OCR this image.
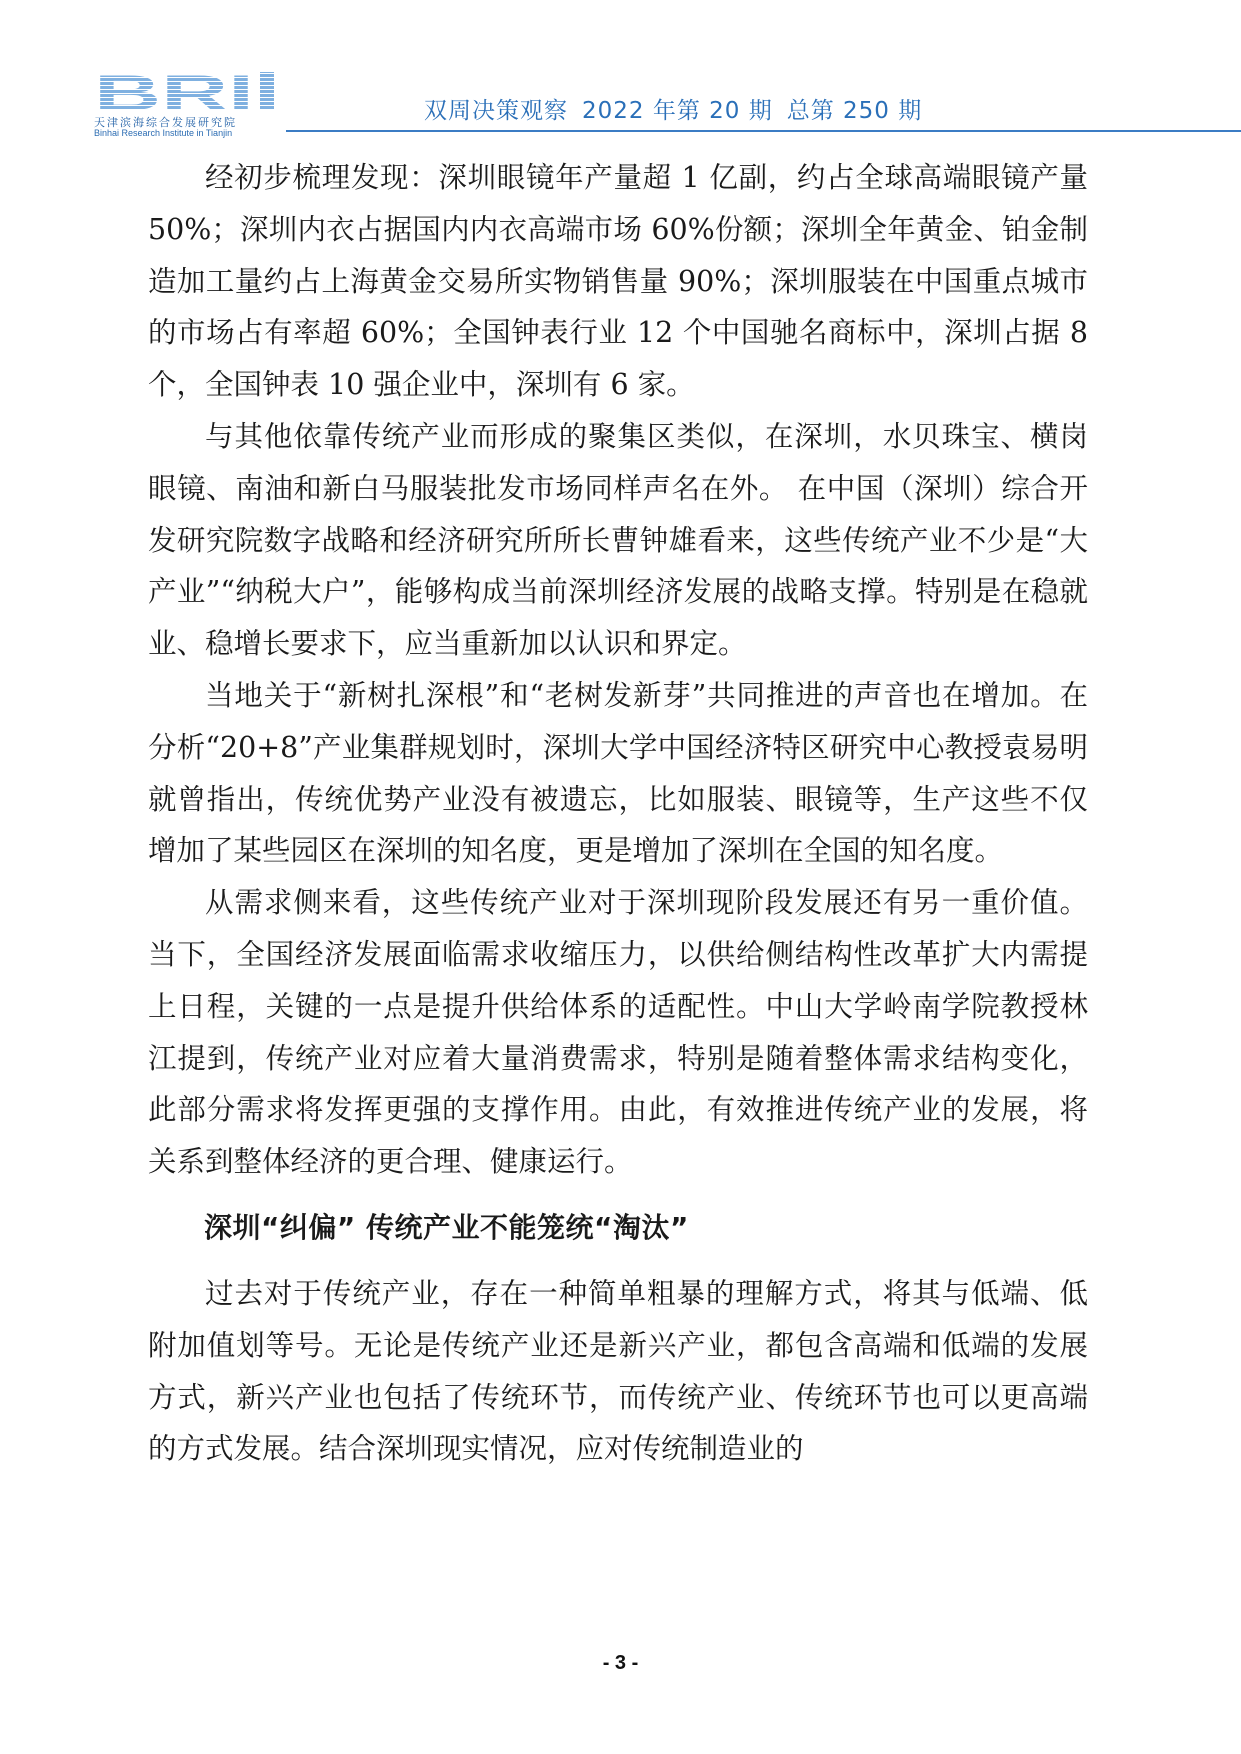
BRI
天津滨海综合发展研究院
Binhai Research Institute in Tianjin
双周决策观察 2022 年第 20 期 总第 250 期

经初步梳理发现：深圳眼镜年产量超 1 亿副，约占全球高端眼镜产量 50%；深圳内衣占据国内内衣高端市场 60%份额；深圳全年黄金、铂金制造加工量约占上海黄金交易所实物销售量 90%；深圳服装在中国重点城市的市场占有率超 60%；全国钟表行业 12 个中国驰名商标中，深圳占据 8 个，全国钟表 10 强企业中，深圳有 6 家。

与其他依靠传统产业而形成的聚集区类似，在深圳，水贝珠宝、横岗眼镜、南油和新白马服装批发市场同样声名在外。 在中国（深圳）综合开发研究院数字战略和经济研究所所长曹钟雄看来，这些传统产业不少是“大产业”“纳税大户”，能够构成当前深圳经济发展的战略支撑。特别是在稳就业、稳增长要求下，应当重新加以认识和界定。

当地关于“新树扎深根”和“老树发新芽”共同推进的声音也在增加。在分析“20+8”产业集群规划时，深圳大学中国经济特区研究中心教授袁易明就曾指出，传统优势产业没有被遗忘，比如服装、眼镜等，生产这些不仅增加了某些园区在深圳的知名度，更是增加了深圳在全国的知名度。

从需求侧来看，这些传统产业对于深圳现阶段发展还有另一重价值。当下，全国经济发展面临需求收缩压力，以供给侧结构性改革扩大内需提上日程，关键的一点是提升供给体系的适配性。中山大学岭南学院教授林江提到，传统产业对应着大量消费需求，特别是随着整体需求结构变化，此部分需求将发挥更强的支撑作用。由此，有效推进传统产业的发展，将关系到整体经济的更合理、健康运行。

深圳“纠偏” 传统产业不能笼统“淘汰”

过去对于传统产业，存在一种简单粗暴的理解方式，将其与低端、低附加值划等号。无论是传统产业还是新兴产业，都包含高端和低端的发展方式，新兴产业也包括了传统环节，而传统产业、传统环节也可以更高端的方式发展。结合深圳现实情况，应对传统制造业的

- 3 -
